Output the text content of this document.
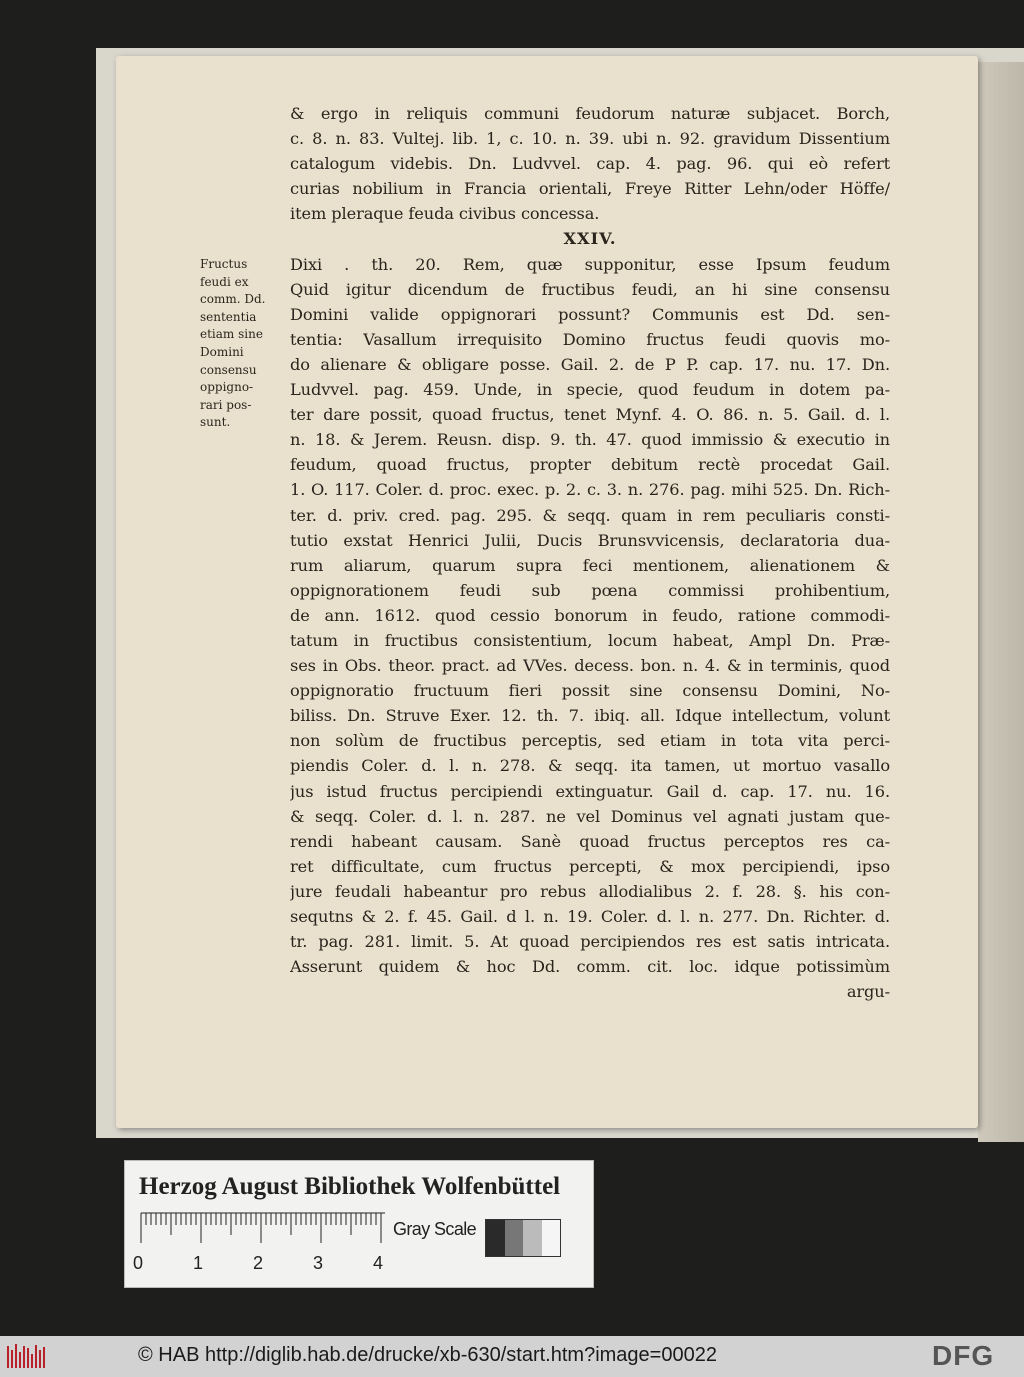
& ergo in reliquis communi feudorum naturæ subjacet. Borch,
c. 8. n. 83. Vultej. lib. 1, c. 10. n. 39. ubi n. 92. gravidum Dissentium
catalogum videbis. Dn. Ludvvel. cap. 4. pag. 96. qui eò refert
curias nobilium in Francia orientali, Freye Ritter Lehn/oder Höffe/
item pleraque feuda civibus concessa.
XXIV.
Dixi . th. 20. Rem, quæ supponitur, esse Ipsum feudum
Quid igitur dicendum de fructibus feudi, an hi sine consensu
Domini valide oppignorari possunt? Communis est Dd. sen-
tentia: Vasallum irrequisito Domino fructus feudi quovis mo-
do alienare & obligare posse. Gail. 2. de P P. cap. 17. nu. 17. Dn.
Ludvvel. pag. 459. Unde, in specie, quod feudum in dotem pa-
ter dare possit, quoad fructus, tenet Mynf. 4. O. 86. n. 5. Gail. d. l.
n. 18. & Jerem. Reusn. disp. 9. th. 47. quod immissio & executio in
feudum, quoad fructus, propter debitum rectè procedat Gail.
1. O. 117. Coler. d. proc. exec. p. 2. c. 3. n. 276. pag. mihi 525. Dn. Rich-
ter. d. priv. cred. pag. 295. & seqq. quam in rem peculiaris consti-
tutio exstat Henrici Julii, Ducis Brunsvvicensis, declaratoria dua-
rum aliarum, quarum supra feci mentionem, alienationem &
oppignorationem feudi sub pœna commissi prohibentium,
de ann. 1612. quod cessio bonorum in feudo, ratione commodi-
tatum in fructibus consistentium, locum habeat, Ampl Dn. Præ-
ses in Obs. theor. pract. ad VVes. decess. bon. n. 4. & in terminis, quod
oppignoratio fructuum fieri possit sine consensu Domini, No-
biliss. Dn. Struve Exer. 12. th. 7. ibiq. all. Idque intellectum, volunt
non solùm de fructibus perceptis, sed etiam in tota vita perci-
piendis Coler. d. l. n. 278. & seqq. ita tamen, ut mortuo vasallo
jus istud fructus percipiendi extinguatur. Gail d. cap. 17. nu. 16.
& seqq. Coler. d. l. n. 287. ne vel Dominus vel agnati justam que-
rendi habeant causam. Sanè quoad fructus perceptos res ca-
ret difficultate, cum fructus percepti, & mox percipiendi, ipso
jure feudali habeantur pro rebus allodialibus 2. f. 28. §. his con-
sequtns & 2. f. 45. Gail. d l. n. 19. Coler. d. l. n. 277. Dn. Richter. d.
tr. pag. 281. limit. 5. At quoad percipiendos res est satis intricata.
Asserunt quidem & hoc Dd. comm. cit. loc. idque potissimùm
argu-
Fructus
feudi ex
comm. Dd.
sententia
etiam sine
Domini
consensu
oppigno-
rari pos-
sunt.
Herzog August Bibliothek Wolfenbüttel
0	1	2	3	4
Gray Scale
© HAB http://diglib.hab.de/drucke/xb-630/start.htm?image=00022	DFG
